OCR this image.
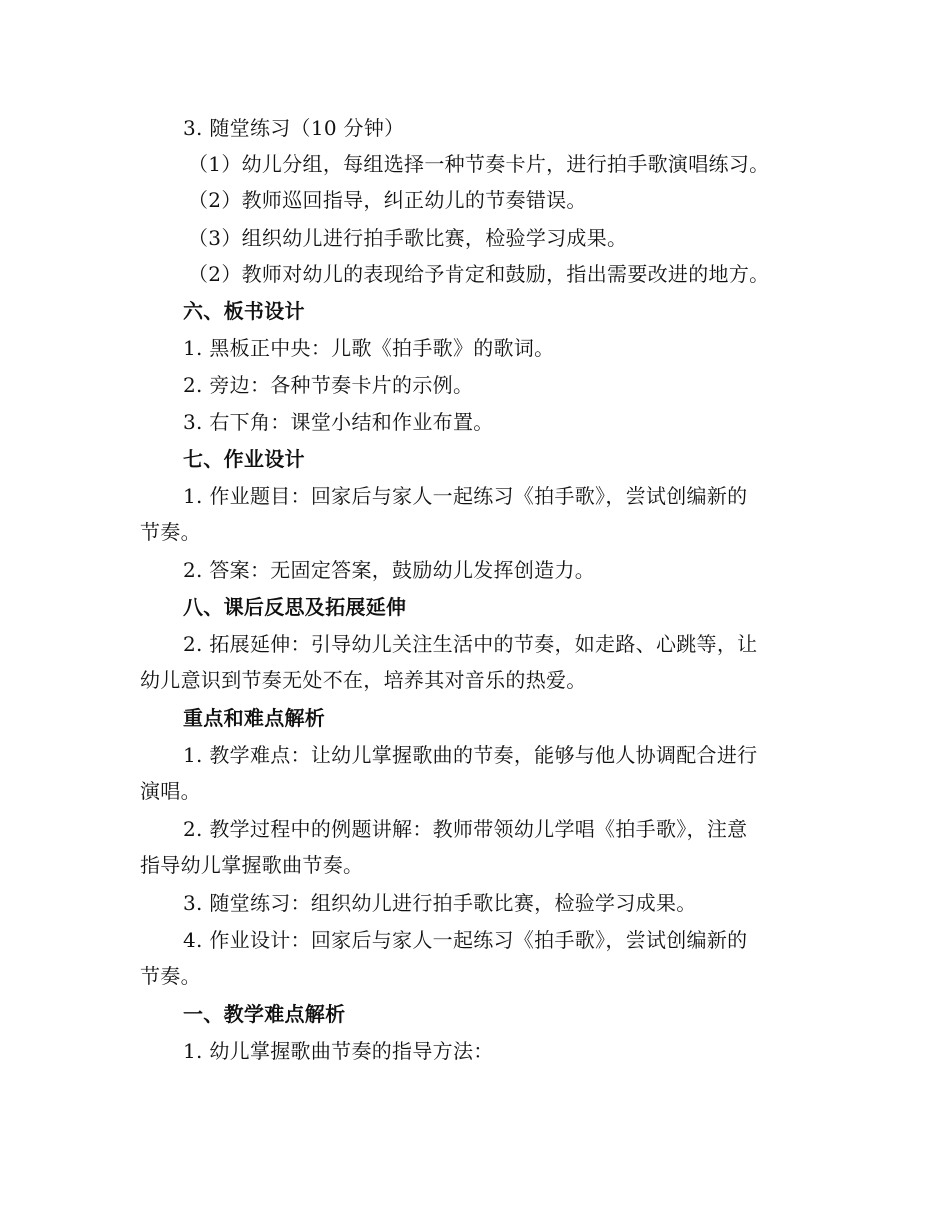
3. 随堂练习（10 分钟）
（1）幼儿分组，每组选择一种节奏卡片，进行拍手歌演唱练习。
（2）教师巡回指导，纠正幼儿的节奏错误。
（3）组织幼儿进行拍手歌比赛，检验学习成果。
（2）教师对幼儿的表现给予肯定和鼓励，指出需要改进的地方。
六、板书设计
1. 黑板正中央：儿歌《拍手歌》的歌词。
2. 旁边：各种节奏卡片的示例。
3. 右下角：课堂小结和作业布置。
七、作业设计
1. 作业题目：回家后与家人一起练习《拍手歌》，尝试创编新的
节奏。
2. 答案：无固定答案，鼓励幼儿发挥创造力。
八、课后反思及拓展延伸
2. 拓展延伸：引导幼儿关注生活中的节奏，如走路、心跳等，让
幼儿意识到节奏无处不在，培养其对音乐的热爱。
重点和难点解析
1. 教学难点：让幼儿掌握歌曲的节奏，能够与他人协调配合进行
演唱。
2. 教学过程中的例题讲解：教师带领幼儿学唱《拍手歌》，注意
指导幼儿掌握歌曲节奏。
3. 随堂练习：组织幼儿进行拍手歌比赛，检验学习成果。
4. 作业设计：回家后与家人一起练习《拍手歌》，尝试创编新的
节奏。
一、教学难点解析
1. 幼儿掌握歌曲节奏的指导方法：
